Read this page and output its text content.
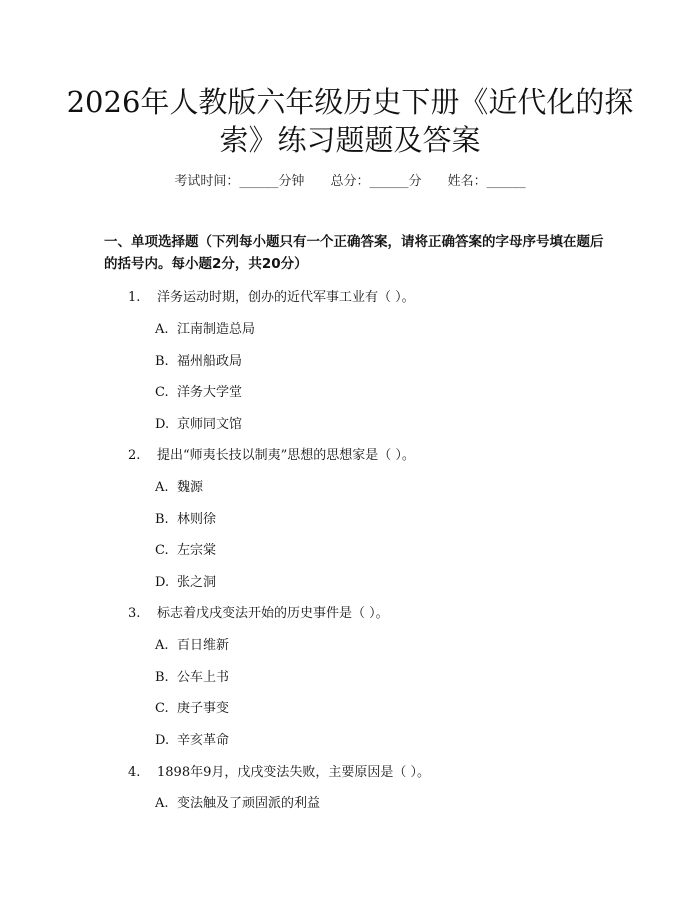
2026年人教版六年级历史下册《近代化的探
索》练习题题及答案
考试时间：______分钟 总分：______分 姓名：______
一、单项选择题（下列每小题只有一个正确答案，请将正确答案的字母序号填在题后的括号内。每小题2分，共20分）
1. 洋务运动时期，创办的近代军事工业有（ ）。
A. 江南制造总局
B. 福州船政局
C. 洋务大学堂
D. 京师同文馆
2. 提出“师夷长技以制夷”思想的思想家是（ ）。
A. 魏源
B. 林则徐
C. 左宗棠
D. 张之洞
3. 标志着戊戌变法开始的历史事件是（ ）。
A. 百日维新
B. 公车上书
C. 庚子事变
D. 辛亥革命
4. 1898年9月，戊戌变法失败，主要原因是（ ）。
A. 变法触及了顽固派的利益
